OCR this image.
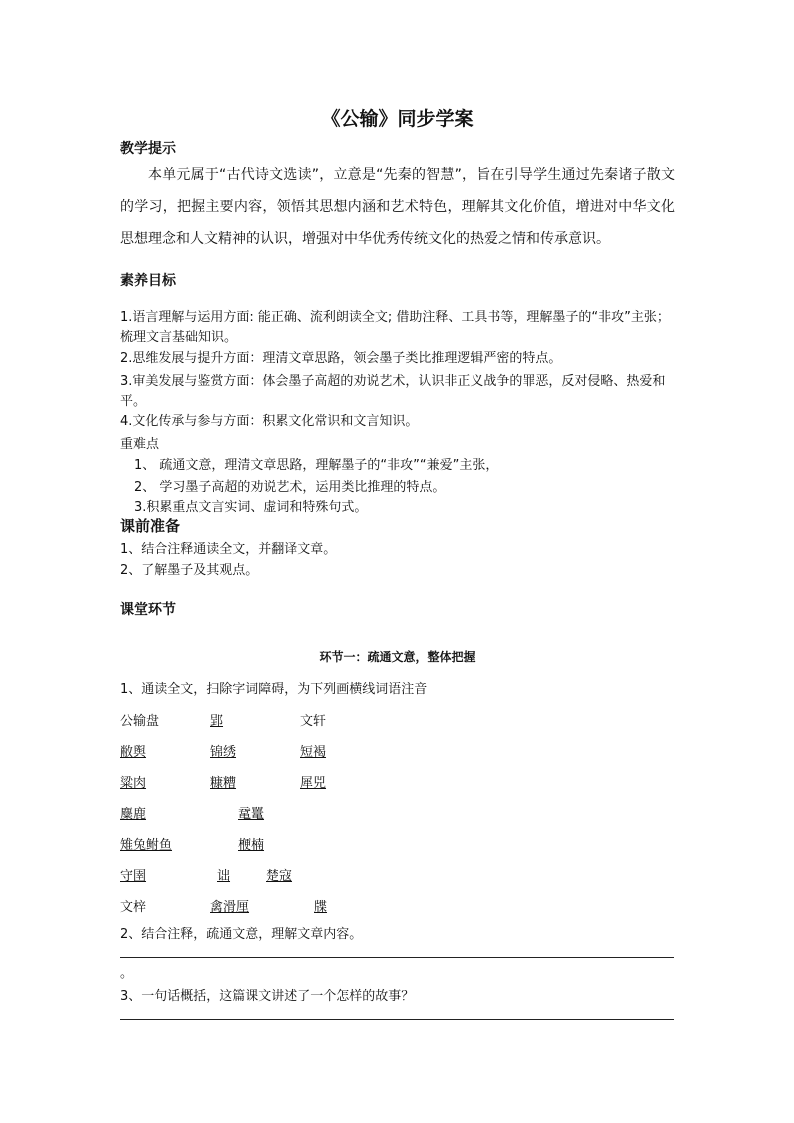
《公输》同步学案
教学提示
本单元属于“古代诗文选读”，立意是“先秦的智慧”，旨在引导学生通过先秦诸子散文的学习，把握主要内容，领悟其思想内涵和艺术特色，理解其文化价值，增进对中华文化思想理念和人文精神的认识，增强对中华优秀传统文化的热爱之情和传承意识。
素养目标
1.语言理解与运用方面: 能正确、流利朗读全文; 借助注释、工具书等，理解墨子的“非攻”主张；梳理文言基础知识。
2.思维发展与提升方面：理清文章思路，领会墨子类比推理逻辑严密的特点。
3.审美发展与鉴赏方面：体会墨子高超的劝说艺术，认识非正义战争的罪恶，反对侵略、热爱和平。
4.文化传承与参与方面：积累文化常识和文言知识。
重难点
1、 疏通文意，理清文章思路，理解墨子的“非攻”“兼爱”主张，
2、 学习墨子高超的劝说艺术，运用类比推理的特点。
3.积累重点文言实词、虚词和特殊句式。
课前准备
1、结合注释通读全文，并翻译文章。
2、了解墨子及其观点。
课堂环节
环节一：疏通文意，整体把握
1、通读全文，扫除字词障碍，为下列画横线词语注音
公输盘	郢	文轩
敝舆	锦绣	短褐
粱肉	糠糟	犀兕
麋鹿	鼋鼍
雉兔鲋鱼	楩楠
守圉	诎	楚寇
文梓	禽滑厘	牒
2、结合注释，疏通文意，理解文章内容。
。
3、一句话概括，这篇课文讲述了一个怎样的故事？
